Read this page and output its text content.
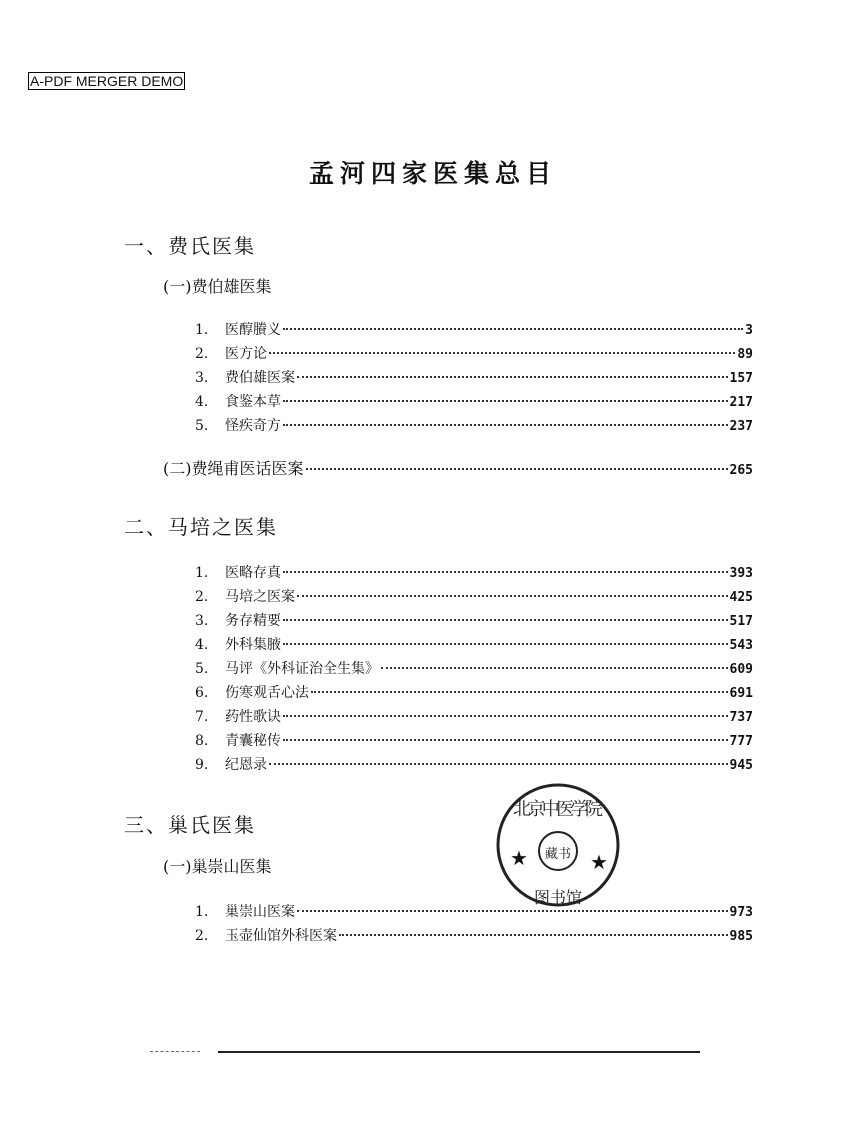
A-PDF MERGER DEMO
孟河四家医集总目
一、费氏医集
(一)费伯雄医集
1.	医醇賸义	3
2.	医方论	89
3.	费伯雄医案	157
4.	食鉴本草	217
5.	怪疾奇方	237
(二)费绳甫医话医案	265
二、马培之医集
1.	医略存真	393
2.	马培之医案	425
3.	务存精要	517
4.	外科集腋	543
5.	马评《外科证治全生集》	609
6.	伤寒观舌心法	691
7.	药性歌诀	737
8.	青囊秘传	777
9.	纪恩录	945
三、巢氏医集
(一)巢崇山医集
1.	巢崇山医案	973
2.	玉壶仙馆外科医案	985
北京中医学院
藏书
图书馆
★	★
